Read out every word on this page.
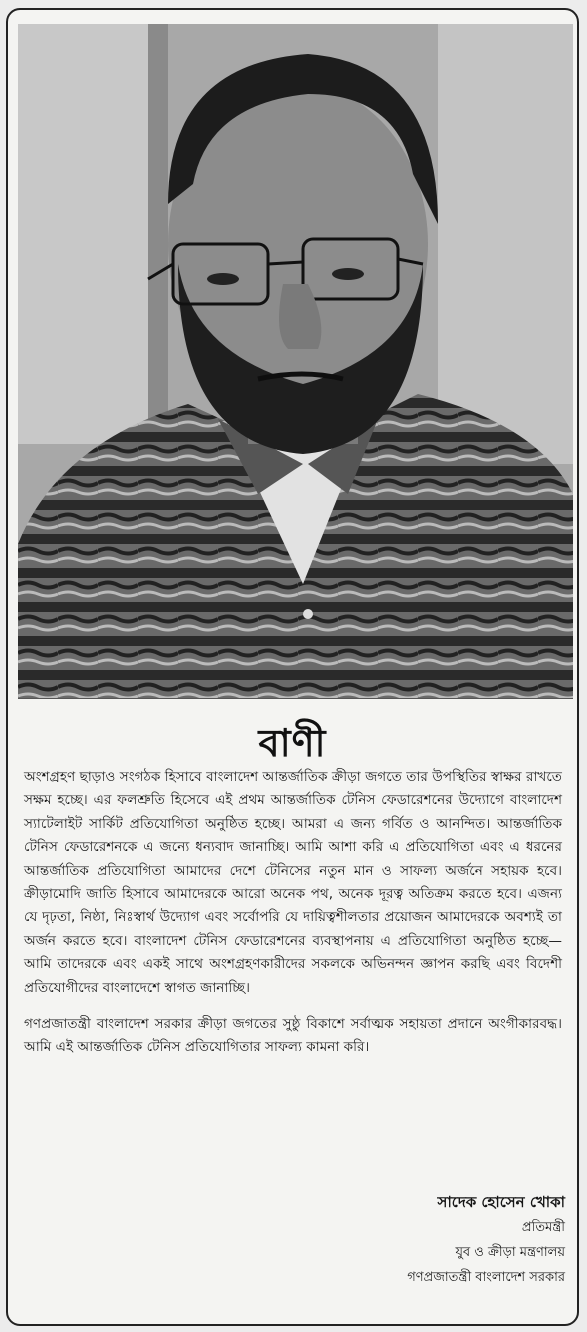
বাণী

অংশগ্রহণ ছাড়াও সংগঠক হিসাবে বাংলাদেশ আন্তর্জাতিক ক্রীড়া জগতে তার উপস্থিতির স্বাক্ষর রাখতে সক্ষম হচ্ছে। এর ফলশ্রুতি হিসেবে এই প্রথম আন্তর্জাতিক টেনিস ফেডারেশনের উদ্যোগে বাংলাদেশ স্যাটেলাইট সার্কিট প্রতিযোগিতা অনুষ্ঠিত হচ্ছে। আমরা এ জন্য গর্বিত ও আনন্দিত। আন্তর্জাতিক টেনিস ফেডারেশনকে এ জন্যে ধন্যবাদ জানাচ্ছি। আমি আশা করি এ প্রতিযোগিতা এবং এ ধরনের আন্তর্জাতিক প্রতিযোগিতা আমাদের দেশে টেনিসের নতুন মান ও সাফল্য অর্জনে সহায়ক হবে। ক্রীড়ামোদি জাতি হিসাবে আমাদেরকে আরো অনেক পথ, অনেক দূরত্ব অতিক্রম করতে হবে। এজন্য যে দৃঢ়তা, নিষ্ঠা, নিঃস্বার্থ উদ্যোগ এবং সর্বোপরি যে দায়িত্বশীলতার প্রয়োজন আমাদেরকে অবশ্যই তা অর্জন করতে হবে। বাংলাদেশ টেনিস ফেডারেশনের ব্যবস্থাপনায় এ প্রতিযোগিতা অনুষ্ঠিত হচ্ছে— আমি তাদেরকে এবং একই সাথে অংশগ্রহণকারীদের সকলকে অভিনন্দন জ্ঞাপন করছি এবং বিদেশী প্রতিযোগীদের বাংলাদেশে স্বাগত জানাচ্ছি।

গণপ্রজাতন্ত্রী বাংলাদেশ সরকার ক্রীড়া জগতের সুষ্ঠু বিকাশে সর্বাত্মক সহায়তা প্রদানে অংগীকারবদ্ধ। আমি এই আন্তর্জাতিক টেনিস প্রতিযোগিতার সাফল্য কামনা করি।

সাদেক হোসেন খোকা
প্রতিমন্ত্রী
যুব ও ক্রীড়া মন্ত্রণালয়
গণপ্রজাতন্ত্রী বাংলাদেশ সরকার
